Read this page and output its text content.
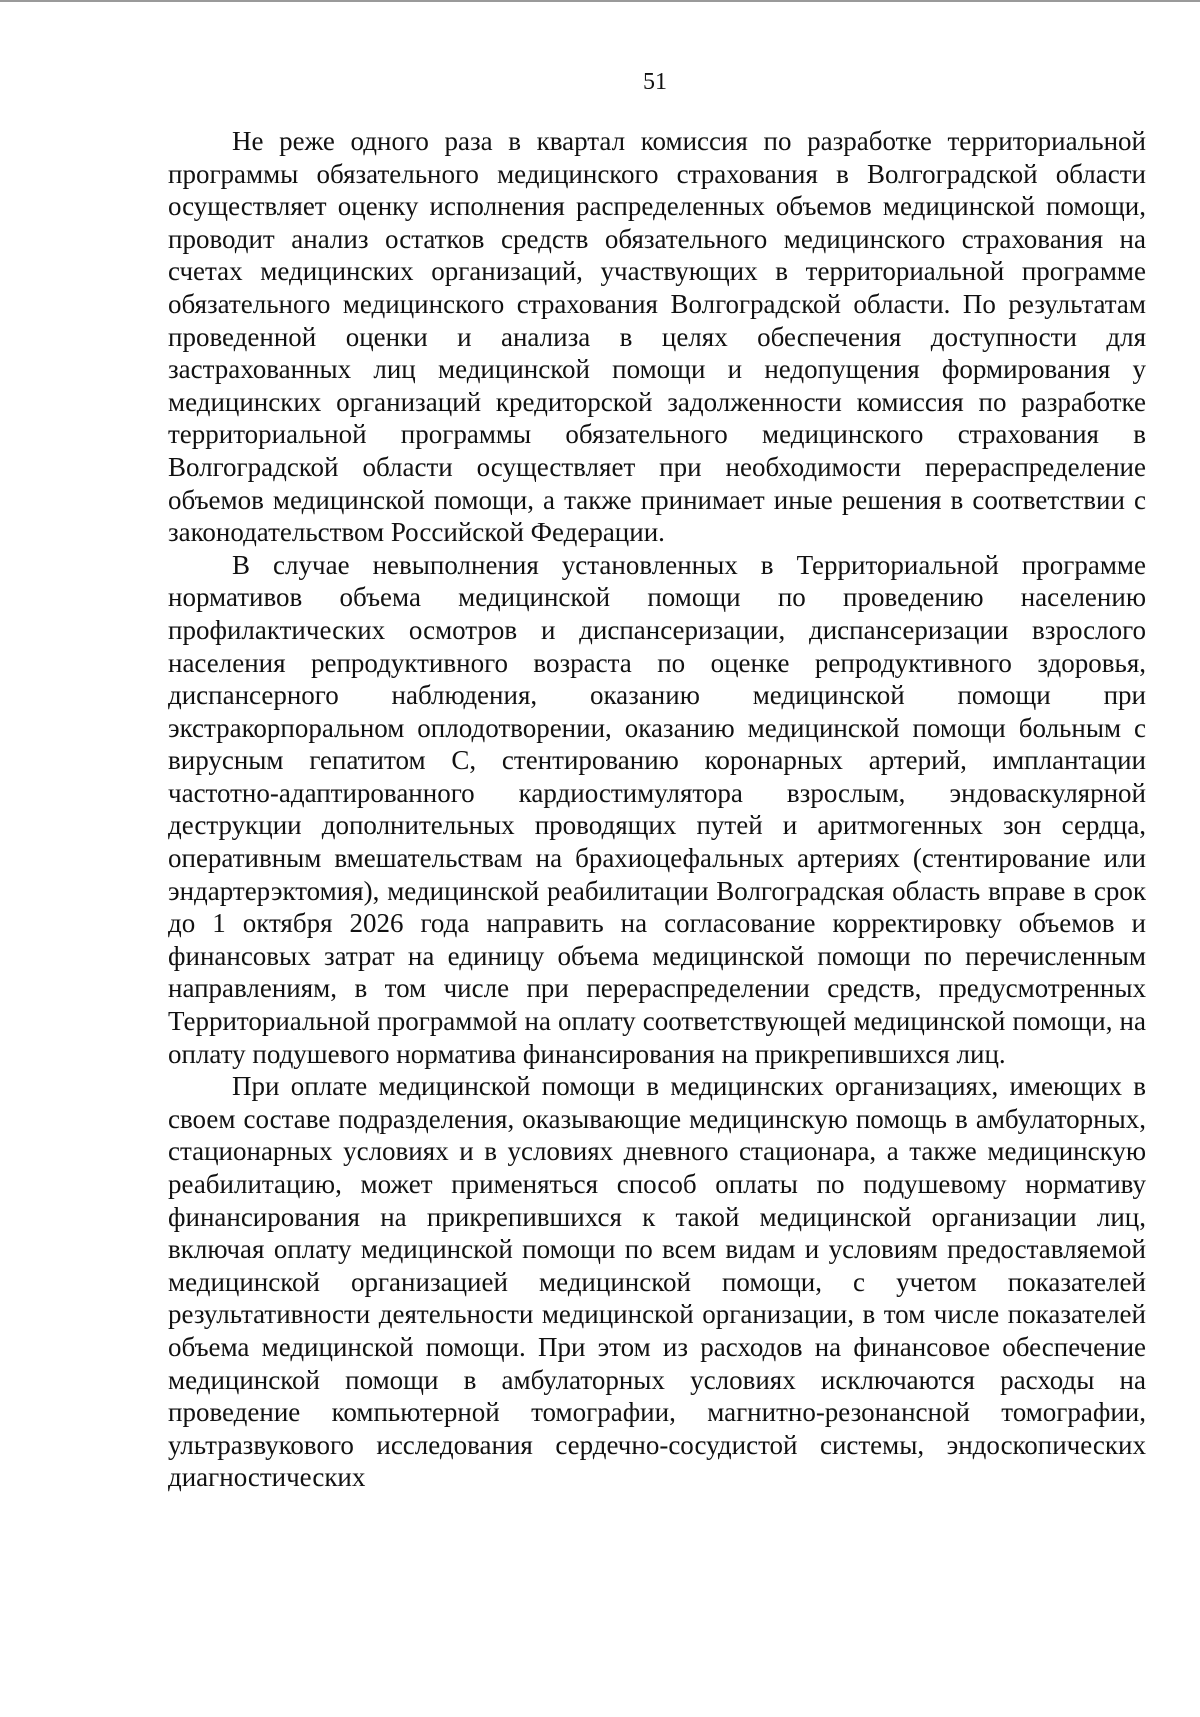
51

Не реже одного раза в квартал комиссия по разработке территориальной программы обязательного медицинского страхования в Волгоградской области осуществляет оценку исполнения распределенных объемов медицинской помощи, проводит анализ остатков средств обязательного медицинского страхования на счетах медицинских организаций, участвующих в территориальной программе обязательного медицинского страхования Волгоградской области. По результатам проведенной оценки и анализа в целях обеспечения доступности для застрахованных лиц медицинской помощи и недопущения формирования у медицинских организаций кредиторской задолженности комиссия по разработке территориальной программы обязательного медицинского страхования в Волгоградской области осуществляет при необходимости перераспределение объемов медицинской помощи, а также принимает иные решения в соответствии с законодательством Российской Федерации.

В случае невыполнения установленных в Территориальной программе нормативов объема медицинской помощи по проведению населению профилактических осмотров и диспансеризации, диспансеризации взрослого населения репродуктивного возраста по оценке репродуктивного здоровья, диспансерного наблюдения, оказанию медицинской помощи при экстракорпоральном оплодотворении, оказанию медицинской помощи больным с вирусным гепатитом С, стентированию коронарных артерий, имплантации частотно-адаптированного кардиостимулятора взрослым, эндоваскулярной деструкции дополнительных проводящих путей и аритмогенных зон сердца, оперативным вмешательствам на брахиоцефальных артериях (стентирование или эндартерэктомия), медицинской реабилитации Волгоградская область вправе в срок до 1 октября 2026 года направить на согласование корректировку объемов и финансовых затрат на единицу объема медицинской помощи по перечисленным направлениям, в том числе при перераспределении средств, предусмотренных Территориальной программой на оплату соответствующей медицинской помощи, на оплату подушевого норматива финансирования на прикрепившихся лиц.

При оплате медицинской помощи в медицинских организациях, имеющих в своем составе подразделения, оказывающие медицинскую помощь в амбулаторных, стационарных условиях и в условиях дневного стационара, а также медицинскую реабилитацию, может применяться способ оплаты по подушевому нормативу финансирования на прикрепившихся к такой медицинской организации лиц, включая оплату медицинской помощи по всем видам и условиям предоставляемой медицинской организацией медицинской помощи, с учетом показателей результативности деятельности медицинской организации, в том числе показателей объема медицинской помощи. При этом из расходов на финансовое обеспечение медицинской помощи в амбулаторных условиях исключаются расходы на проведение компьютерной томографии, магнитно-резонансной томографии, ультразвукового исследования сердечно-сосудистой системы, эндоскопических диагностических
